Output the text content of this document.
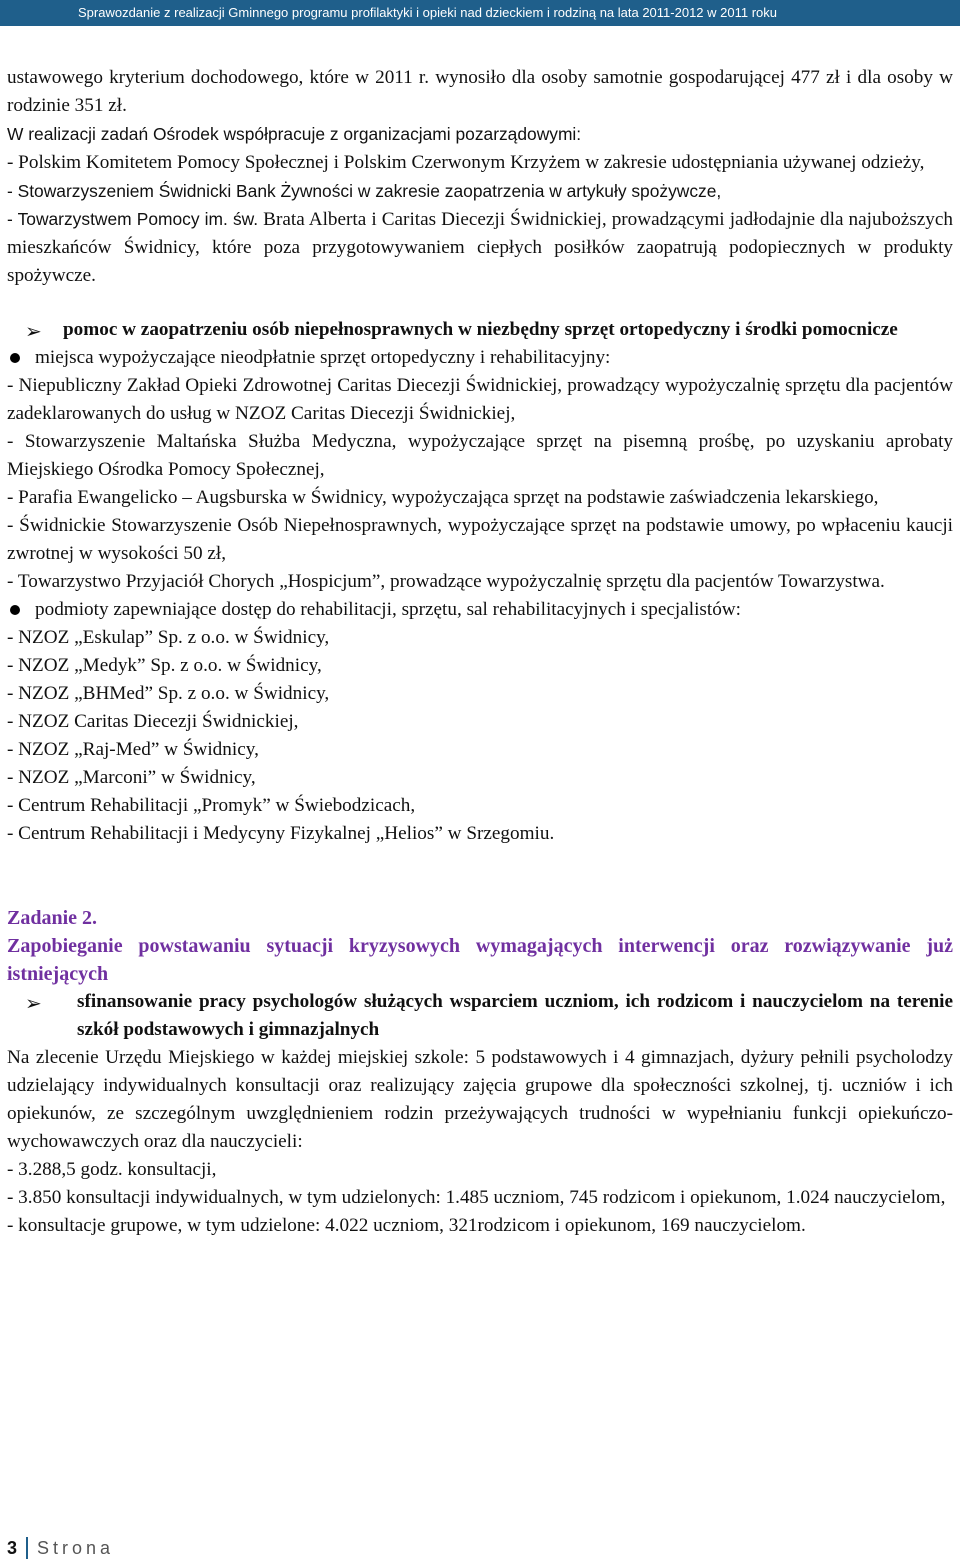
Sprawozdanie z realizacji Gminnego programu profilaktyki i opieki nad dzieckiem i rodziną na lata 2011-2012 w 2011 roku

ustawowego kryterium dochodowego, które w 2011 r. wynosiło dla osoby samotnie gospodarującej 477 zł i dla osoby w rodzinie 351 zł.

W realizacji zadań Ośrodek współpracuje z organizacjami pozarządowymi:

- Polskim Komitetem Pomocy Społecznej i Polskim Czerwonym Krzyżem w zakresie udostępniania używanej odzieży,

- Stowarzyszeniem Świdnicki Bank Żywności w zakresie zaopatrzenia w artykuły spożywcze,

- Towarzystwem Pomocy im. św. Brata Alberta i Caritas Diecezji Świdnickiej, prowadzącymi jadłodajnie dla najuboższych mieszkańców Świdnicy, które poza przygotowywaniem ciepłych posiłków zaopatrują podopiecznych w produkty spożywcze.

➢ pomoc w zaopatrzeniu osób niepełnosprawnych w niezbędny sprzęt ortopedyczny i środki pomocnicze

miejsca wypożyczające nieodpłatnie sprzęt ortopedyczny i rehabilitacyjny:

- Niepubliczny Zakład Opieki Zdrowotnej Caritas Diecezji Świdnickiej, prowadzący wypożyczalnię sprzętu dla pacjentów zadeklarowanych do usług w NZOZ Caritas Diecezji Świdnickiej,

- Stowarzyszenie Maltańska Służba Medyczna, wypożyczające sprzęt na pisemną prośbę, po uzyskaniu aprobaty Miejskiego Ośrodka Pomocy Społecznej,

- Parafia Ewangelicko – Augsburska w Świdnicy, wypożyczająca sprzęt na podstawie zaświadczenia lekarskiego,

- Świdnickie Stowarzyszenie Osób Niepełnosprawnych, wypożyczające sprzęt na podstawie umowy, po wpłaceniu kaucji zwrotnej w wysokości 50 zł,

- Towarzystwo Przyjaciół Chorych „Hospicjum”, prowadzące wypożyczalnię sprzętu dla pacjentów Towarzystwa.

podmioty zapewniające dostęp do rehabilitacji, sprzętu, sal rehabilitacyjnych i specjalistów:

- NZOZ „Eskulap” Sp. z o.o. w Świdnicy,

- NZOZ „Medyk” Sp. z o.o. w Świdnicy,

- NZOZ „BHMed” Sp. z o.o. w Świdnicy,

- NZOZ Caritas Diecezji Świdnickiej,

- NZOZ „Raj-Med” w Świdnicy,

- NZOZ „Marconi” w Świdnicy,

- Centrum Rehabilitacji „Promyk” w Świebodzicach,

- Centrum Rehabilitacji i Medycyny Fizykalnej „Helios” w Srzegomiu.

Zadanie 2.

Zapobieganie powstawaniu sytuacji kryzysowych wymagających interwencji oraz rozwiązywanie już istniejących

➢ sfinansowanie pracy psychologów służących wsparciem uczniom, ich rodzicom i nauczycielom na terenie szkół podstawowych i gimnazjalnych

Na zlecenie Urzędu Miejskiego w każdej miejskiej szkole: 5 podstawowych i 4 gimnazjach, dyżury pełnili psycholodzy udzielający indywidualnych konsultacji oraz realizujący zajęcia grupowe dla społeczności szkolnej, tj. uczniów i ich opiekunów, ze szczególnym uwzględnieniem rodzin przeżywających trudności w wypełnianiu funkcji opiekuńczo-wychowawczych oraz dla nauczycieli:

- 3.288,5 godz. konsultacji,

- 3.850 konsultacji indywidualnych, w tym udzielonych: 1.485 uczniom, 745 rodzicom i opiekunom, 1.024 nauczycielom,

- konsultacje grupowe, w tym udzielone: 4.022 uczniom, 321rodzicom i opiekunom, 169 nauczycielom.

3 Strona
